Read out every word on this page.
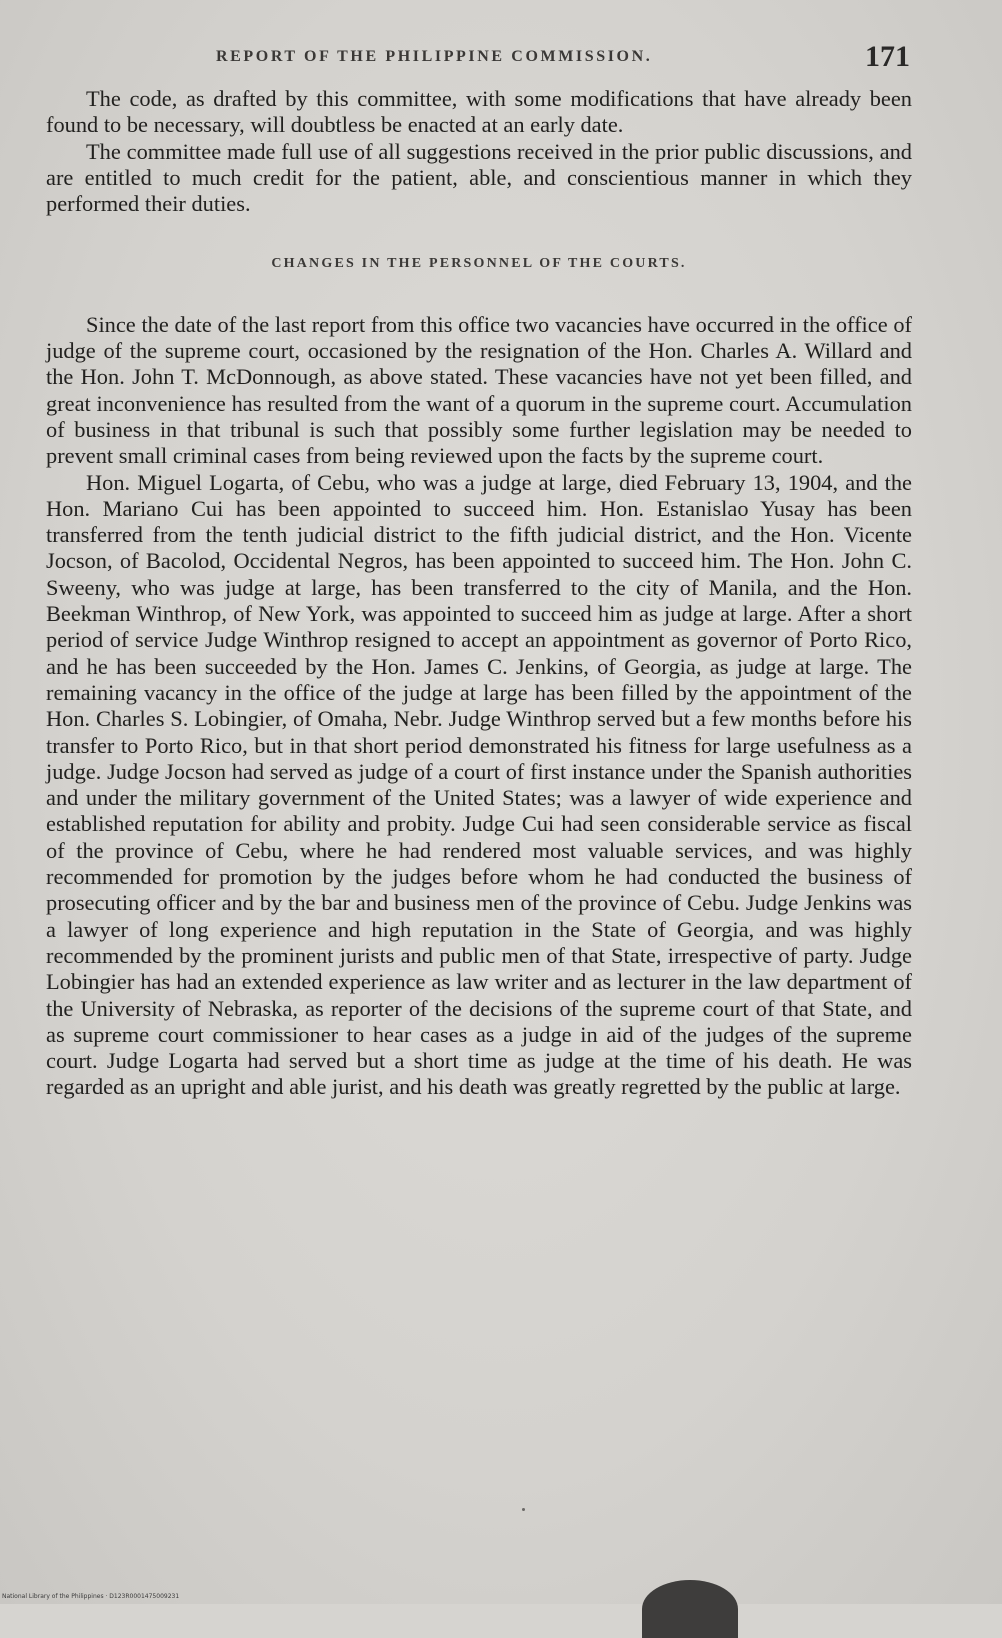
REPORT OF THE PHILIPPINE COMMISSION.	171

The code, as drafted by this committee, with some modifications that have already been found to be necessary, will doubtless be enacted at an early date.

The committee made full use of all suggestions received in the prior public discussions, and are entitled to much credit for the patient, able, and conscientious manner in which they performed their duties.

CHANGES IN THE PERSONNEL OF THE COURTS.

Since the date of the last report from this office two vacancies have occurred in the office of judge of the supreme court, occasioned by the resignation of the Hon. Charles A. Willard and the Hon. John T. McDonnough, as above stated. These vacancies have not yet been filled, and great inconvenience has resulted from the want of a quorum in the supreme court. Accumulation of business in that tribunal is such that possibly some further legislation may be needed to prevent small criminal cases from being reviewed upon the facts by the supreme court.

Hon. Miguel Logarta, of Cebu, who was a judge at large, died February 13, 1904, and the Hon. Mariano Cui has been appointed to succeed him. Hon. Estanislao Yusay has been transferred from the tenth judicial district to the fifth judicial district, and the Hon. Vicente Jocson, of Bacolod, Occidental Negros, has been appointed to succeed him. The Hon. John C. Sweeny, who was judge at large, has been transferred to the city of Manila, and the Hon. Beekman Winthrop, of New York, was appointed to succeed him as judge at large. After a short period of service Judge Winthrop resigned to accept an appointment as governor of Porto Rico, and he has been succeeded by the Hon. James C. Jenkins, of Georgia, as judge at large. The remaining vacancy in the office of the judge at large has been filled by the appointment of the Hon. Charles S. Lobingier, of Omaha, Nebr. Judge Winthrop served but a few months before his transfer to Porto Rico, but in that short period demonstrated his fitness for large usefulness as a judge. Judge Jocson had served as judge of a court of first instance under the Spanish authorities and under the military government of the United States; was a lawyer of wide experience and established reputation for ability and probity. Judge Cui had seen considerable service as fiscal of the province of Cebu, where he had rendered most valuable services, and was highly recommended for promotion by the judges before whom he had conducted the business of prosecuting officer and by the bar and business men of the province of Cebu. Judge Jenkins was a lawyer of long experience and high reputation in the State of Georgia, and was highly recommended by the prominent jurists and public men of that State, irrespective of party. Judge Lobingier has had an extended experience as law writer and as lecturer in the law department of the University of Nebraska, as reporter of the decisions of the supreme court of that State, and as supreme court commissioner to hear cases as a judge in aid of the judges of the supreme court. Judge Logarta had served but a short time as judge at the time of his death. He was regarded as an upright and able jurist, and his death was greatly regretted by the public at large.

National Library of the Philippines · D123R0001475009231
